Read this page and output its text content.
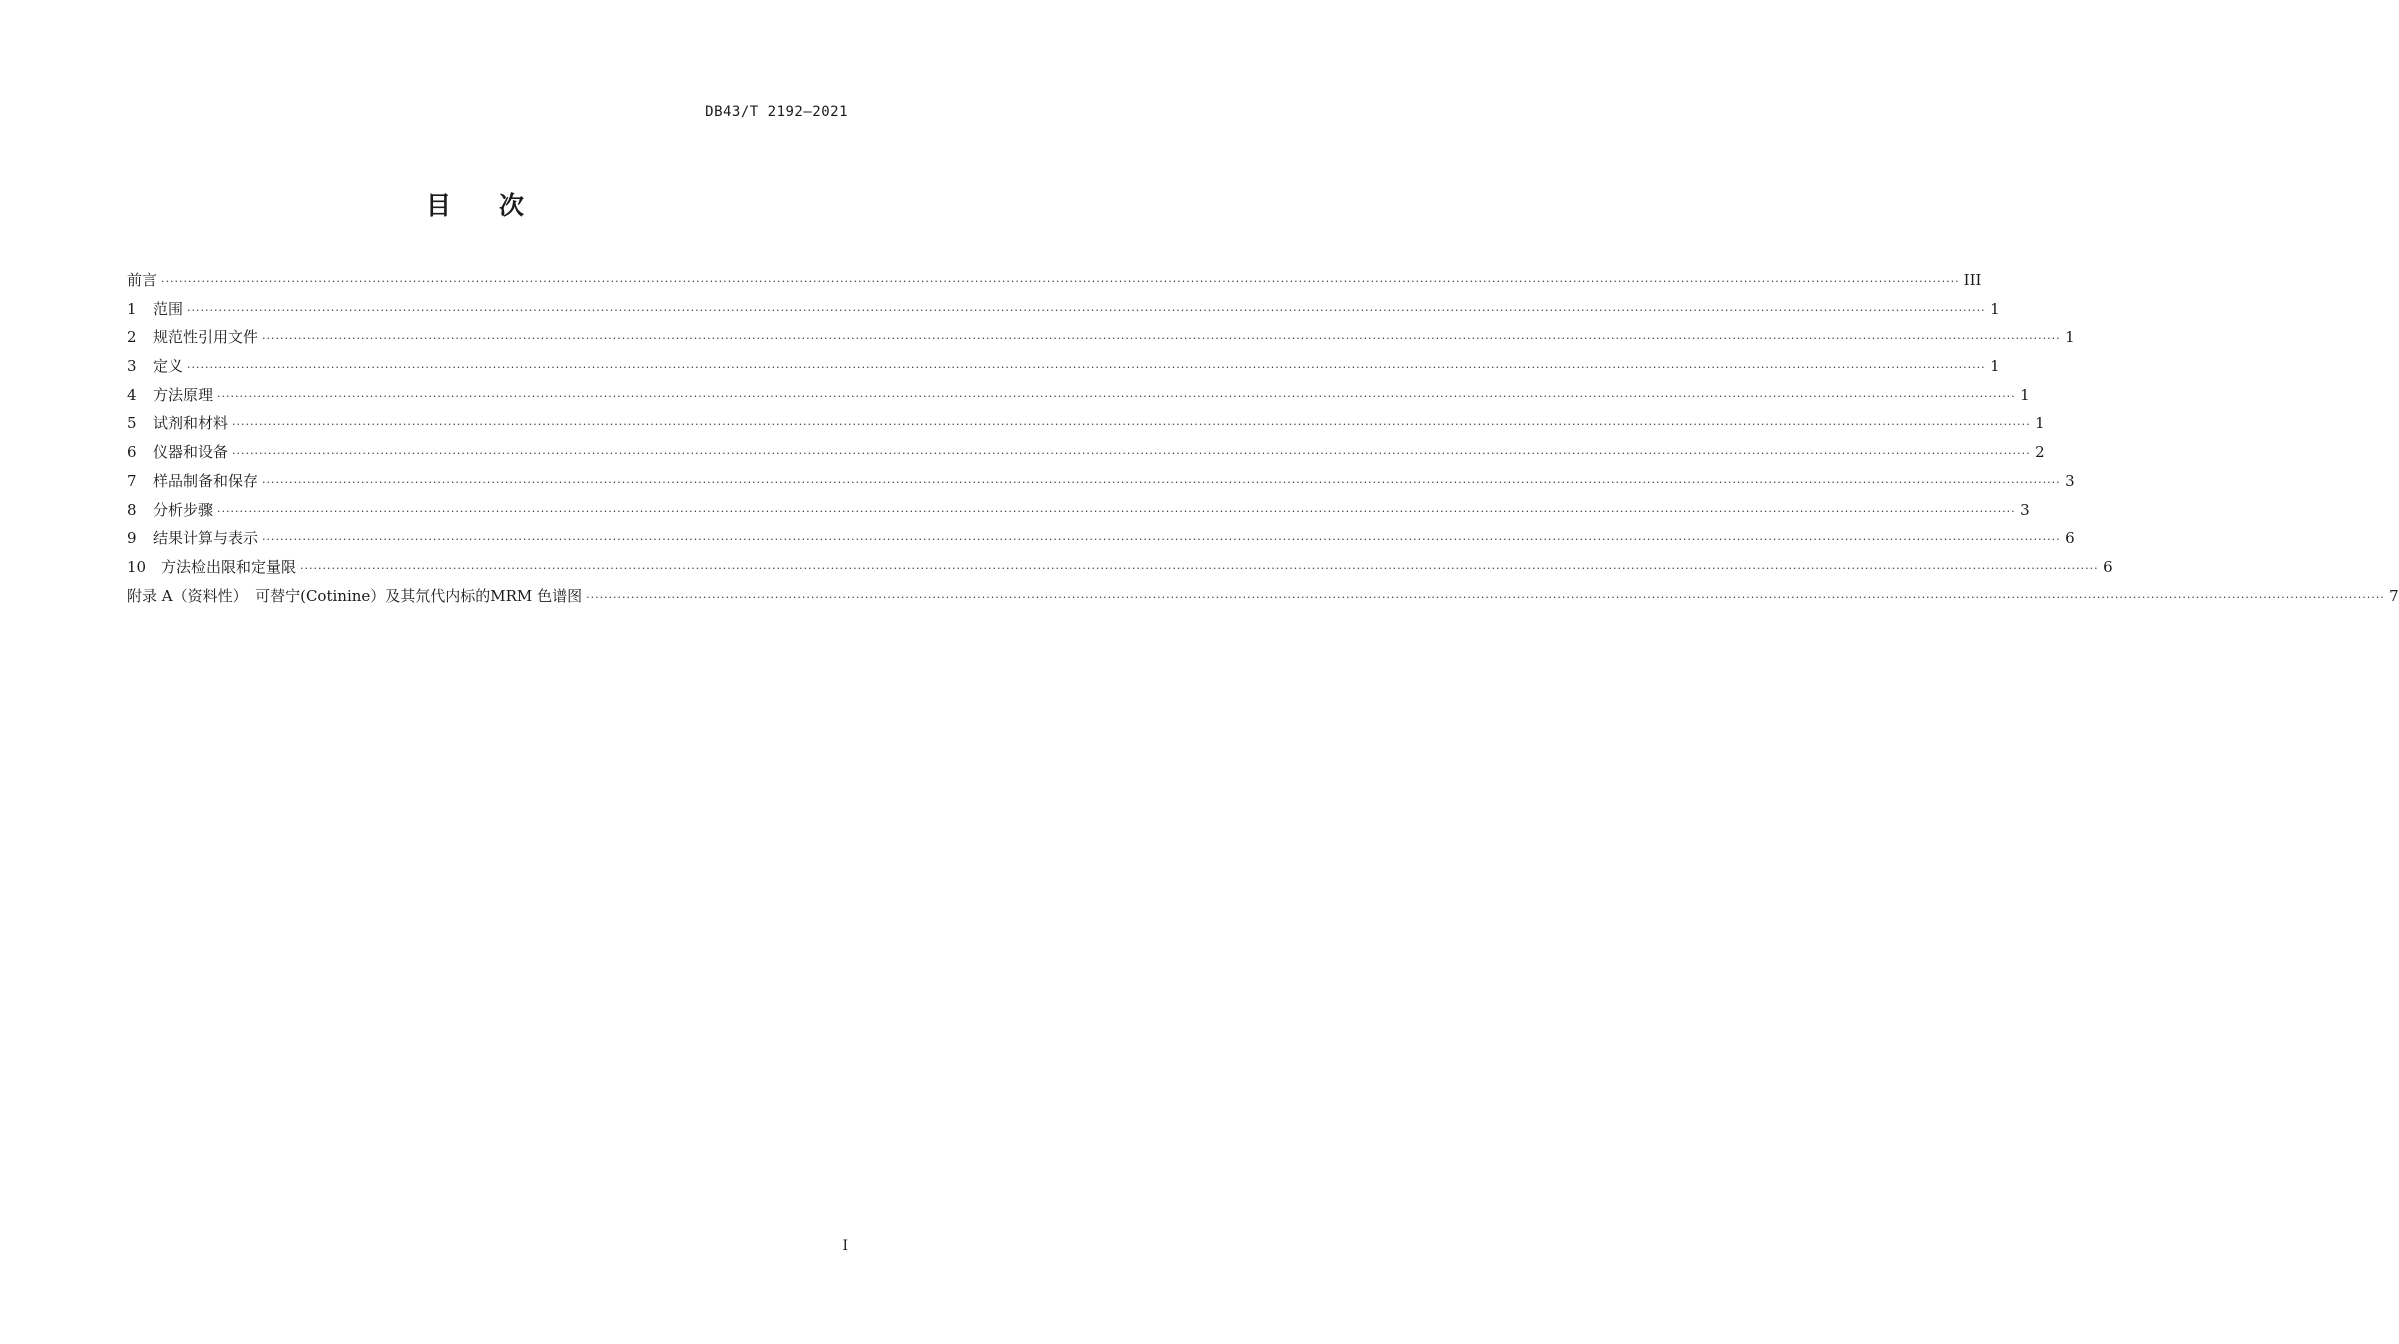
DB43/T 2192—2021
目 次
前言 ················································································································································································································································································································································································································ III
1	范围 ················································································································································································································································································································································································································ 1
2	规范性引用文件 ················································································································································································································································································································································································································ 1
3	定义 ················································································································································································································································································································································································································ 1
4	方法原理 ················································································································································································································································································································································································································ 1
5	试剂和材料 ················································································································································································································································································································································································································ 1
6	仪器和设备 ················································································································································································································································································································································································································ 2
7	样品制备和保存 ················································································································································································································································································································································································································ 3
8	分析步骤 ················································································································································································································································································································································································································ 3
9	结果计算与表示 ················································································································································································································································································································································································································ 6
10 方法检出限和定量限 ················································································································································································································································································································································································································ 6
附录 A（资料性）　可替宁(Cotinine）及其氘代内标的MRM 色谱图 ················································································································································································································································································································································································································ 7
I
